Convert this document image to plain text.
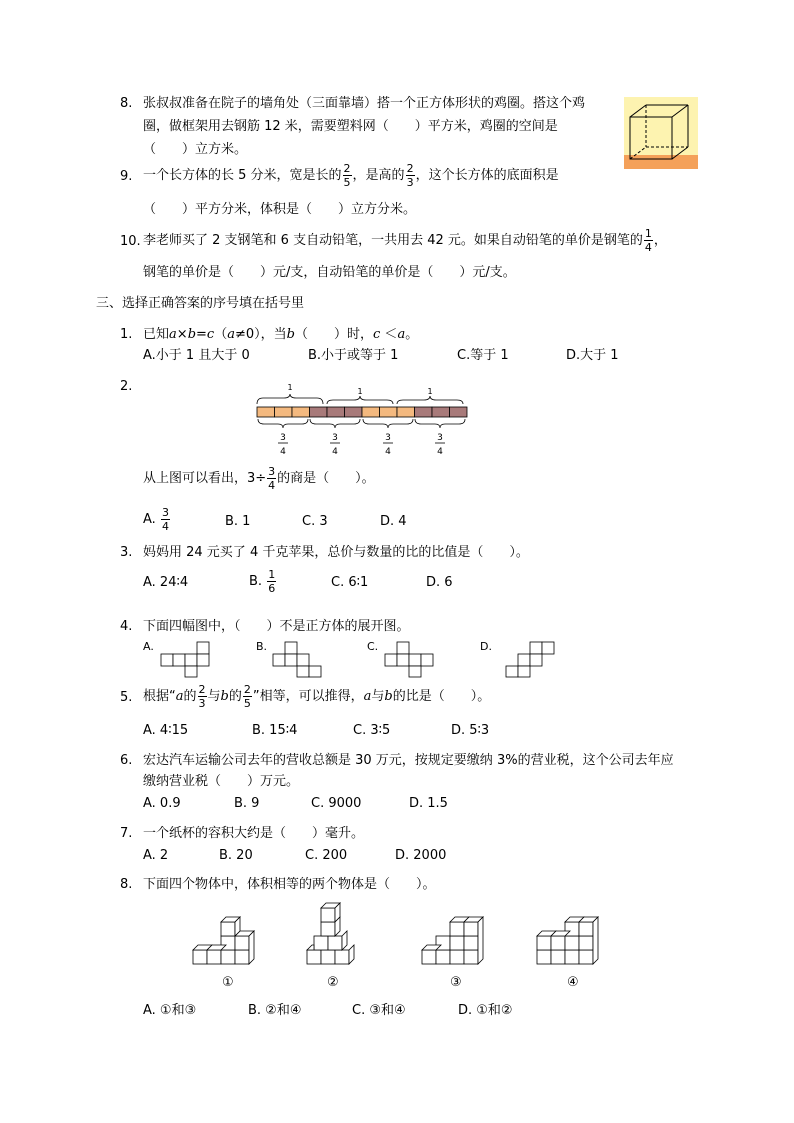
8. 张叔叔准备在院子的墙角处（三面靠墙）搭一个正方体形状的鸡圈。搭这个鸡
圈，做框架用去钢筋 12 米，需要塑料网（　　）平方米，鸡圈的空间是
（　　）立方米。
9. 一个长方体的长 5 分米，宽是长的 $\frac{2}{5}$ ，是高的 $\frac{2}{3}$ ，这个长方体的底面积是
（　　）平方分米，体积是（　　）立方分米。
10. 李老师买了 2 支钢笔和 6 支自动铅笔，一共用去 42 元。如果自动铅笔的单价是钢笔的 $\frac{1}{4}$ ，
钢笔的单价是（　　）元/支，自动铅笔的单价是（　　）元/支。
三、选择正确答案的序号填在括号里
1. 已知a×b=c（a≠0），当b（　　）时，c ＜a。
A.小于 1 且大于 0	B.小于或等于 1	C.等于 1	D.大于 1
2.	1	1	1
3
4
3
4
3
4
3
4
从上图可以看出，$3\div \frac{3}{4}$ 的商是（　　）。
A. $\frac{3}{4}$	B. 1	C. 3	D. 4
3. 妈妈用 24 元买了 4 千克苹果，总价与数量的比的比值是（　　）。
A. 24∶4	B. $\frac{1}{6}$	C. 6∶1	D. 6
4. 下面四幅图中，（　　）不是正方体的展开图。
A.	B.	C.	D.
5. 根据“a的 $\frac{2}{3}$ 与b的 $\frac{2}{5}$ ”相等，可以推得，a与b的比是（　　）。
A. 4∶15	B. 15∶4	C. 3∶5	D. 5∶3
6. 宏达汽车运输公司去年的营收总额是 30 万元，按规定要缴纳 3%的营业税，这个公司去年应
缴纳营业税（　　）万元。
A. 0.9	B. 9	C. 9000	D. 1.5
7. 一个纸杯的容积大约是（　　）毫升。
A. 2	B. 20	C. 200	D. 2000
8. 下面四个物体中，体积相等的两个物体是（　　）。
①	②	③	④
A. ①和③	B. ②和④	C. ③和④	D. ①和②
